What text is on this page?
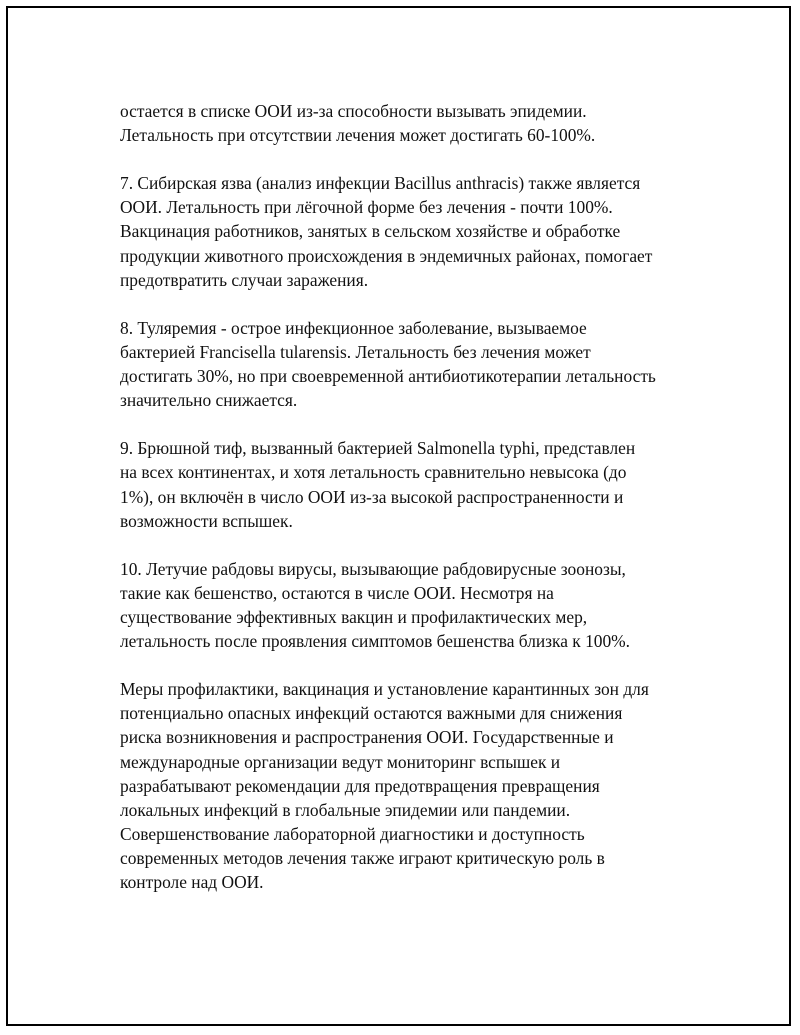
остается в списке ООИ из-за способности вызывать эпидемии.
Летальность при отсутствии лечения может достигать 60-100%.

7. Сибирская язва (анализ инфекции Bacillus anthracis) также является
ООИ. Летальность при лёгочной форме без лечения - почти 100%.
Вакцинация работников, занятых в сельском хозяйстве и обработке
продукции животного происхождения в эндемичных районах, помогает
предотвратить случаи заражения.

8. Туляремия - острое инфекционное заболевание, вызываемое
бактерией Francisella tularensis. Летальность без лечения может
достигать 30%, но при своевременной антибиотикотерапии летальность
значительно снижается.

9. Брюшной тиф, вызванный бактерией Salmonella typhi, представлен
на всех континентах, и хотя летальность сравнительно невысока (до
1%), он включён в число ООИ из-за высокой распространенности и
возможности вспышек.

10. Летучие рабдовы вирусы, вызывающие рабдовирусные зоонозы,
такие как бешенство, остаются в числе ООИ. Несмотря на
существование эффективных вакцин и профилактических мер,
летальность после проявления симптомов бешенства близка к 100%.

Меры профилактики, вакцинация и установление карантинных зон для
потенциально опасных инфекций остаются важными для снижения
риска возникновения и распространения ООИ. Государственные и
международные организации ведут мониторинг вспышек и
разрабатывают рекомендации для предотвращения превращения
локальных инфекций в глобальные эпидемии или пандемии.
Совершенствование лабораторной диагностики и доступность
современных методов лечения также играют критическую роль в
контроле над ООИ.
